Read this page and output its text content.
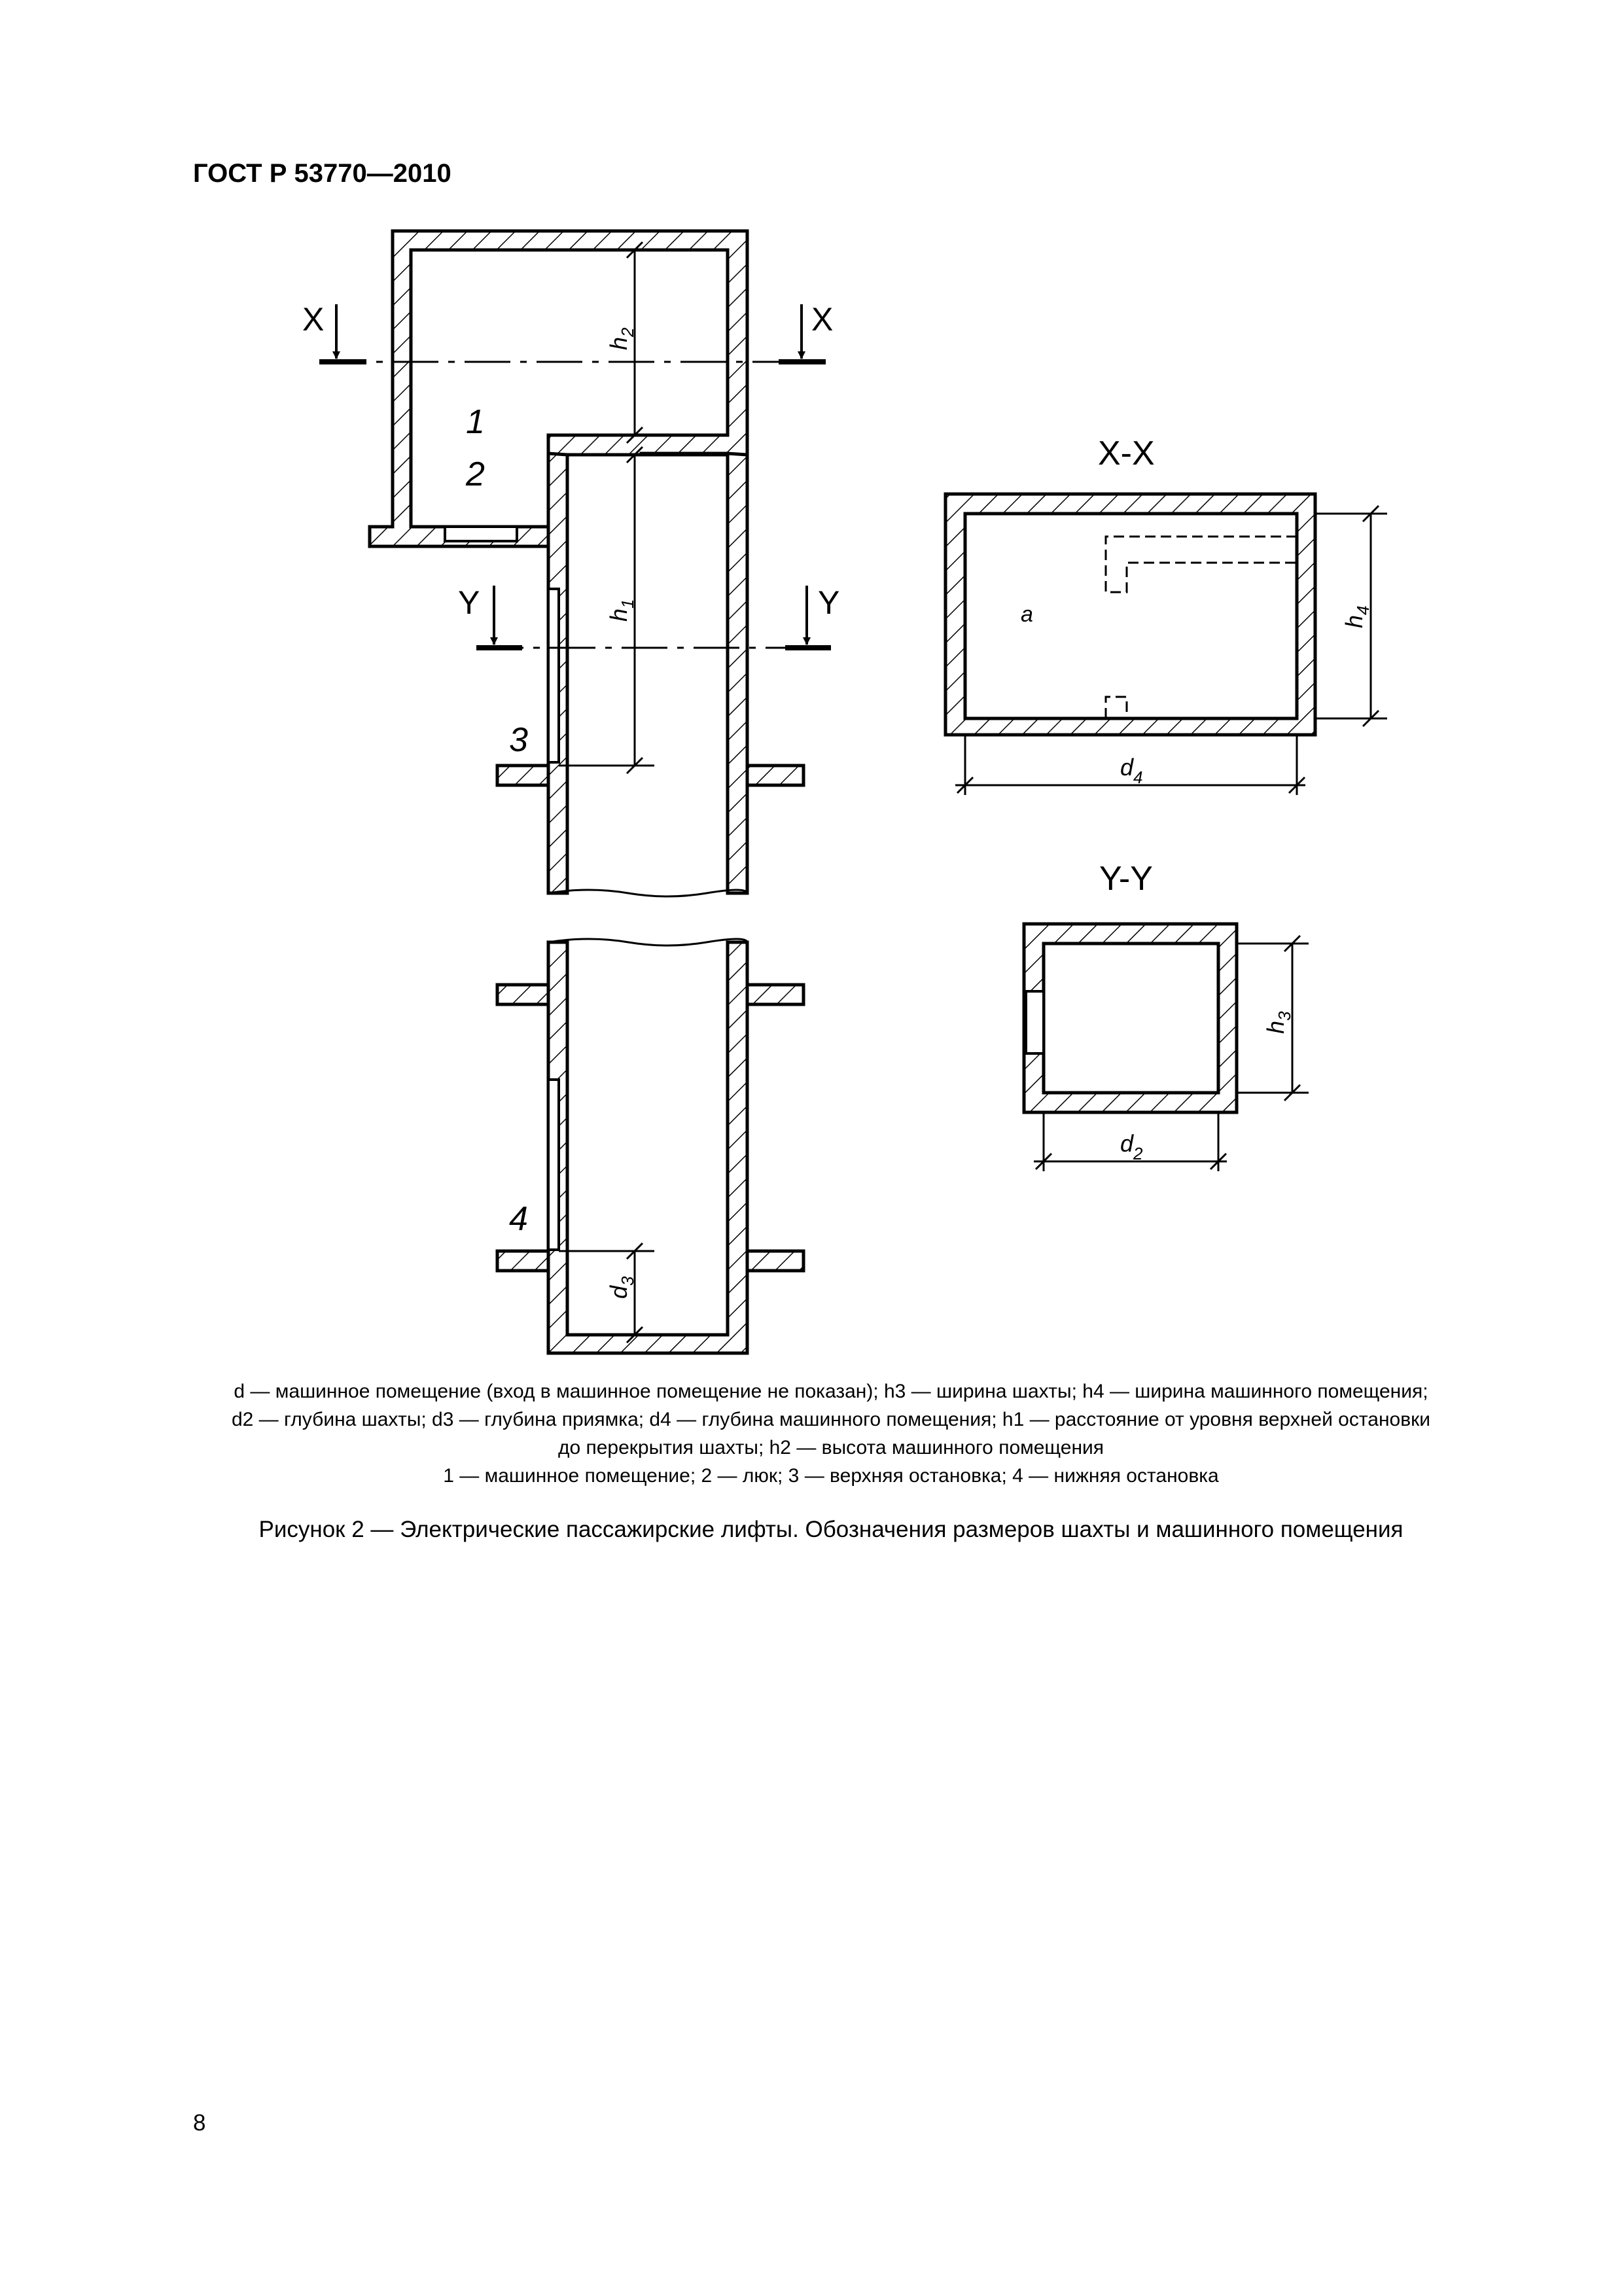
ГОСТ Р 53770—2010
X	X
Y	Y
X-X
Y-Y
1
2
3
4
a
h
2
h
1
d
3
h
4
h
3
d 4
d 2
d — машинное помещение (вход в машинное помещение не показан); h3 — ширина шахты; h4 — ширина машинного помещения;
d2 — глубина шахты; d3 — глубина приямка; d4 — глубина машинного помещения; h1 — расстояние от уровня верхней остановки
до перекрытия шахты; h2 — высота машинного помещения
1 — машинное помещение; 2 — люк; 3 — верхняя остановка; 4 — нижняя остановка
Рисунок 2 — Электрические пассажирские лифты. Обозначения размеров шахты и машинного помещения
8
